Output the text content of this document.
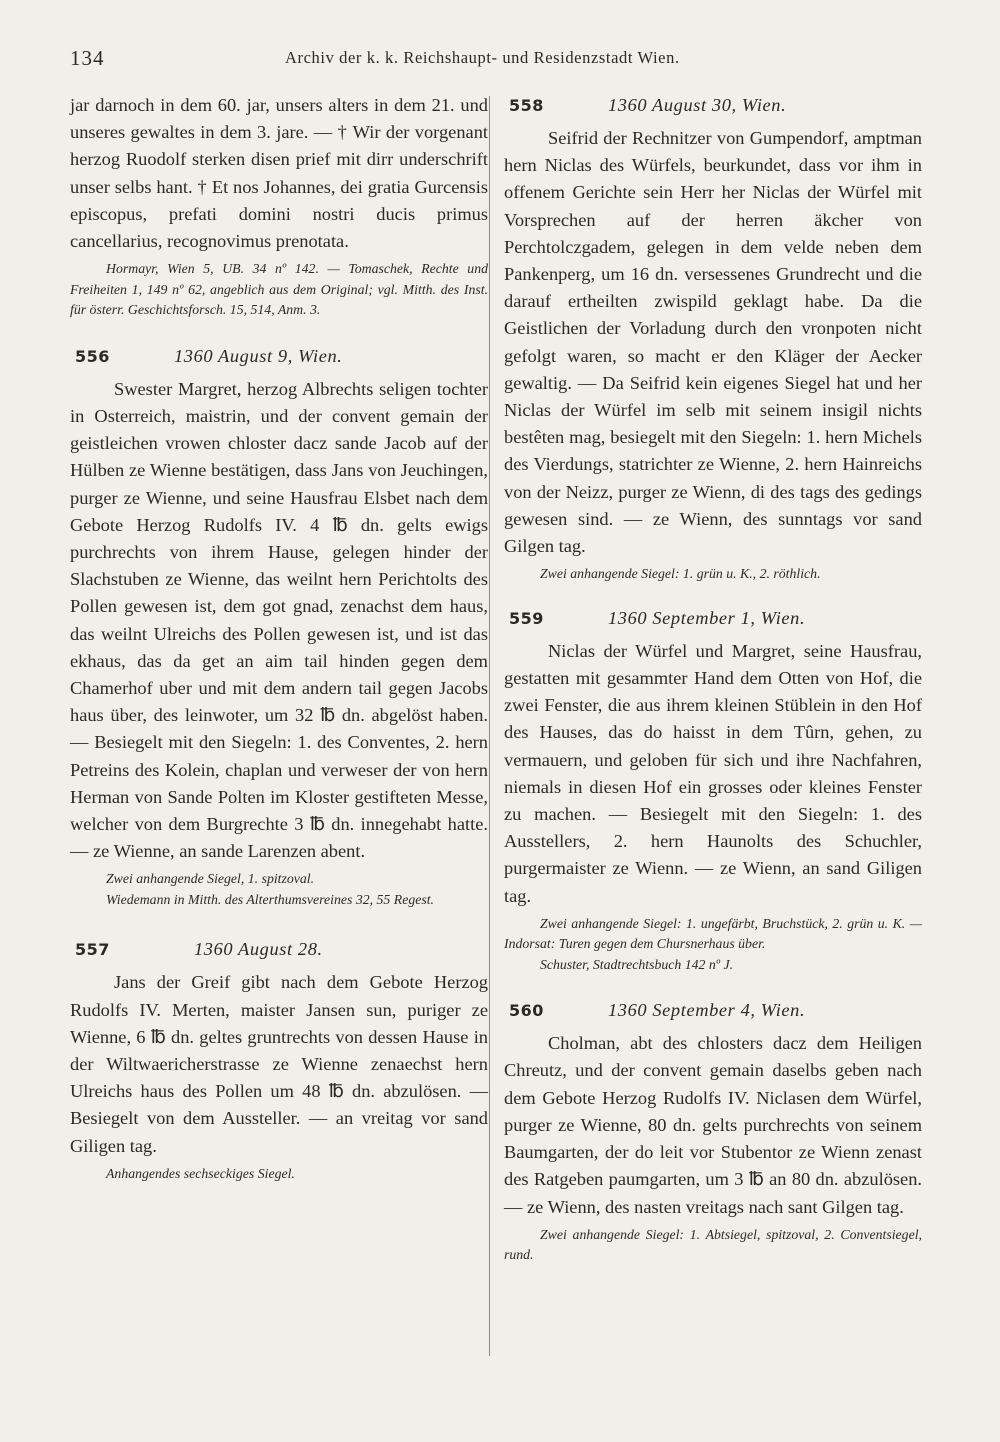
134	Archiv der k. k. Reichshaupt- und Residenzstadt Wien.

jar darnoch in dem 60. jar, unsers alters in dem 21. und unseres gewaltes in dem 3. jare. — † Wir der vorgenant herzog Ruodolf sterken disen prief mit dirr underschrift unser selbs hant. † Et nos Johannes, dei gratia Gurcensis episcopus, prefati domini nostri ducis primus cancellarius, recognovimus prenotata.

Hormayr, Wien 5, UB. 34 nº 142. — Tomaschek, Rechte und Freiheiten 1, 149 nº 62, angeblich aus dem Original; vgl. Mitth. des Inst. für österr. Geschichtsforsch. 15, 514, Anm. 3.

556	1360 August 9, Wien.

Swester Margret, herzog Albrechts seligen tochter in Osterreich, maistrin, und der convent gemain der geistleichen vrowen chloster dacz sande Jacob auf der Hülben ze Wienne bestätigen, dass Jans von Jeuchingen, purger ze Wienne, und seine Hausfrau Elsbet nach dem Gebote Herzog Rudolfs IV. 4 ℔ dn. gelts ewigs purchrechts von ihrem Hause, gelegen hinder der Slachstuben ze Wienne, das weilnt hern Perichtolts des Pollen gewesen ist, dem got gnad, zenachst dem haus, das weilnt Ulreichs des Pollen gewesen ist, und ist das ekhaus, das da get an aim tail hinden gegen dem Chamerhof uber und mit dem andern tail gegen Jacobs haus über, des leinwoter, um 32 ℔ dn. abgelöst haben. — Besiegelt mit den Siegeln: 1. des Conventes, 2. hern Petreins des Kolein, chaplan und verweser der von hern Herman von Sande Polten im Kloster gestifteten Messe, welcher von dem Burgrechte 3 ℔ dn. innegehabt hatte. — ze Wienne, an sande Larenzen abent.

Zwei anhangende Siegel, 1. spitzoval.

Wiedemann in Mitth. des Alterthumsvereines 32, 55 Regest.

557	1360 August 28.

Jans der Greif gibt nach dem Gebote Herzog Rudolfs IV. Merten, maister Jansen sun, puriger ze Wienne, 6 ℔ dn. geltes gruntrechts von dessen Hause in der Wiltwaericherstrasse ze Wienne zenaechst hern Ulreichs haus des Pollen um 48 ℔ dn. abzulösen. — Besiegelt von dem Aussteller. — an vreitag vor sand Giligen tag.

Anhangendes sechseckiges Siegel.

558	1360 August 30, Wien.

Seifrid der Rechnitzer von Gumpendorf, amptman hern Niclas des Würfels, beurkundet, dass vor ihm in offenem Gerichte sein Herr her Niclas der Würfel mit Vorsprechen auf der herren äkcher von Perchtolczgadem, gelegen in dem velde neben dem Pankenperg, um 16 dn. versessenes Grundrecht und die darauf ertheilten zwispild geklagt habe. Da die Geistlichen der Vorladung durch den vronpoten nicht gefolgt waren, so macht er den Kläger der Aecker gewaltig. — Da Seifrid kein eigenes Siegel hat und her Niclas der Würfel im selb mit seinem insigil nichts bestêten mag, besiegelt mit den Siegeln: 1. hern Michels des Vierdungs, statrichter ze Wienne, 2. hern Hainreichs von der Neizz, purger ze Wienn, di des tags des gedings gewesen sind. — ze Wienn, des sunntags vor sand Gilgen tag.

Zwei anhangende Siegel: 1. grün u. K., 2. röthlich.

559	1360 September 1, Wien.

Niclas der Würfel und Margret, seine Hausfrau, gestatten mit gesammter Hand dem Otten von Hof, die zwei Fenster, die aus ihrem kleinen Stüblein in den Hof des Hauses, das do haisst in dem Tûrn, gehen, zu vermauern, und geloben für sich und ihre Nachfahren, niemals in diesen Hof ein grosses oder kleines Fenster zu machen. — Besiegelt mit den Siegeln: 1. des Ausstellers, 2. hern Haunolts des Schuchler, purgermaister ze Wienn. — ze Wienn, an sand Giligen tag.

Zwei anhangende Siegel: 1. ungefärbt, Bruchstück, 2. grün u. K. — Indorsat: Turen gegen dem Chursnerhaus über.

Schuster, Stadtrechtsbuch 142 nº J.

560	1360 September 4, Wien.

Cholman, abt des chlosters dacz dem Heiligen Chreutz, und der convent gemain daselbs geben nach dem Gebote Herzog Rudolfs IV. Niclasen dem Würfel, purger ze Wienne, 80 dn. gelts purchrechts von seinem Baumgarten, der do leit vor Stubentor ze Wienn zenast des Ratgeben paumgarten, um 3 ℔ an 80 dn. abzulösen. — ze Wienn, des nasten vreitags nach sant Gilgen tag.

Zwei anhangende Siegel: 1. Abtsiegel, spitzoval, 2. Conventsiegel, rund.
